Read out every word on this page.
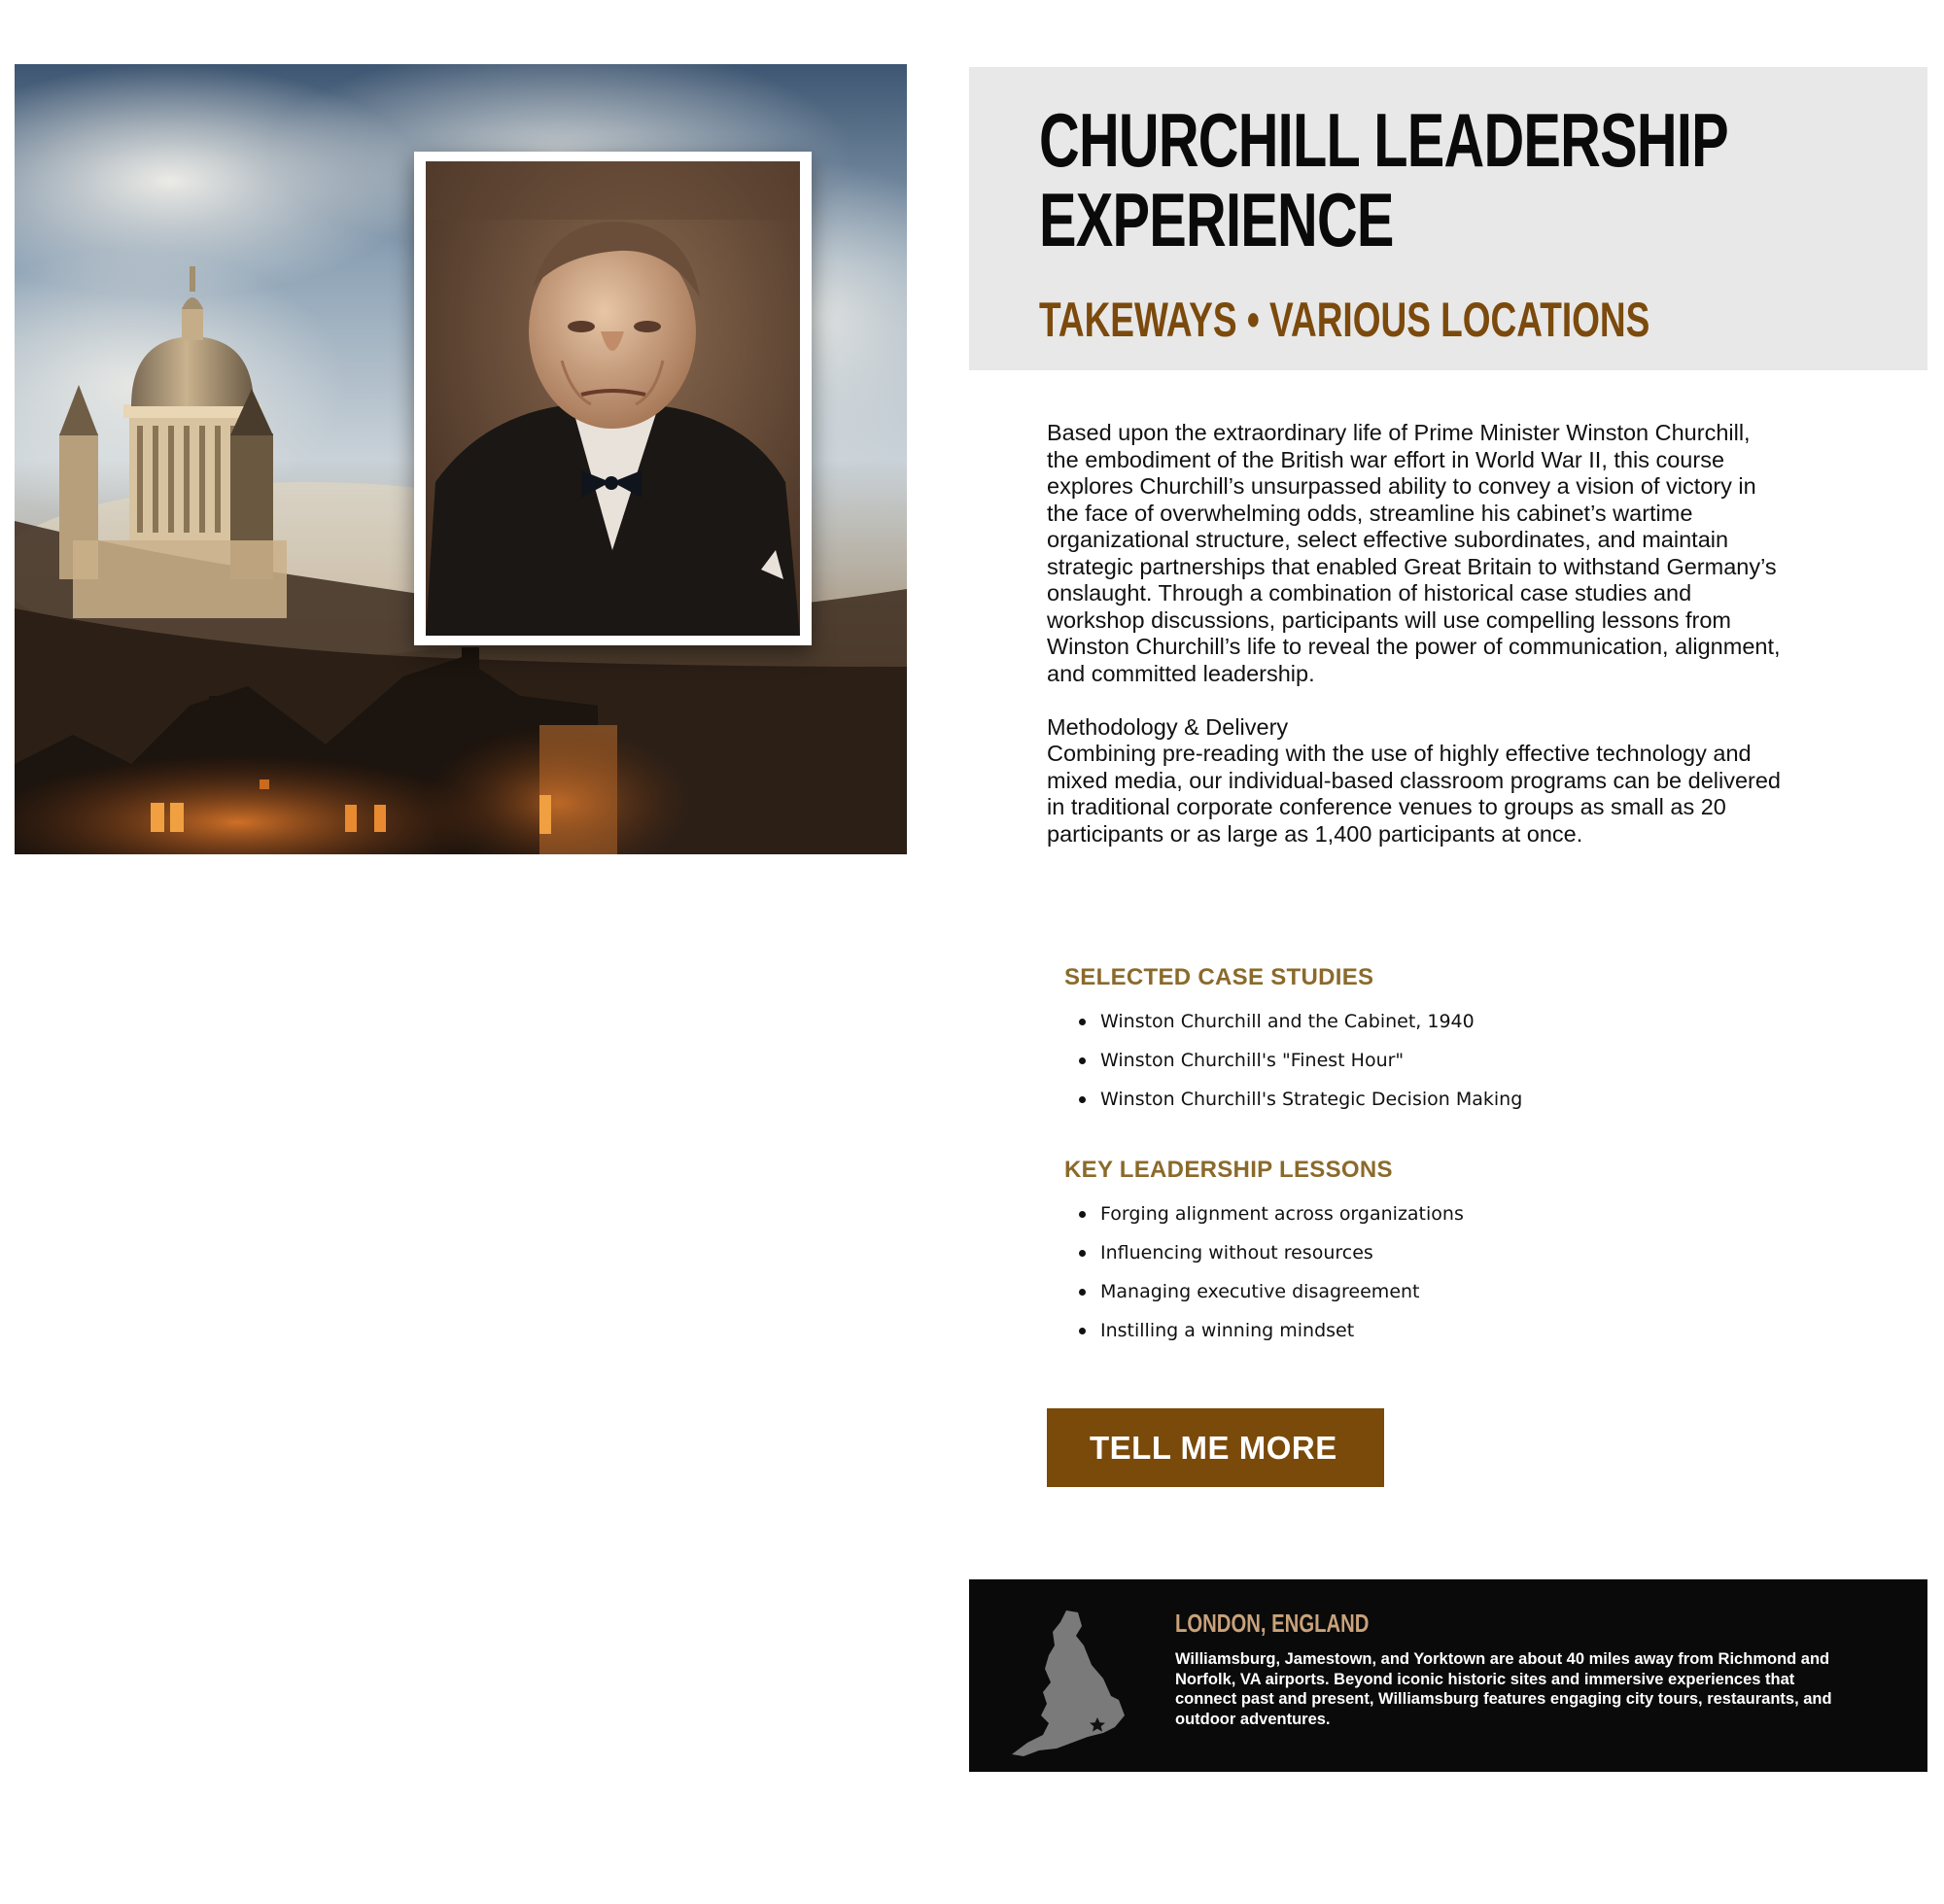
CHURCHILL LEADERSHIP EXPERIENCE
TAKEWAYS • VARIOUS LOCATIONS

Based upon the extraordinary life of Prime Minister Winston Churchill, the embodiment of the British war effort in World War II, this course explores Churchill’s unsurpassed ability to convey a vision of victory in the face of overwhelming odds, streamline his cabinet’s wartime organizational structure, select effective subordinates, and maintain strategic partnerships that enabled Great Britain to withstand Germany’s onslaught. Through a combination of historical case studies and workshop discussions, participants will use compelling lessons from Winston Churchill’s life to reveal the power of communication, alignment, and committed leadership.

Methodology & Delivery

Combining pre-reading with the use of highly effective technology and mixed media, our individual-based classroom programs can be delivered in traditional corporate conference venues to groups as small as 20 participants or as large as 1,400 participants at once.

SELECTED CASE STUDIES
Winston Churchill and the Cabinet, 1940
Winston Churchill's "Finest Hour"
Winston Churchill's Strategic Decision Making
KEY LEADERSHIP LESSONS
Forging alignment across organizations
Influencing without resources
Managing executive disagreement
Instilling a winning mindset
TELL ME MORE
LONDON, ENGLAND

Williamsburg, Jamestown, and Yorktown are about 40 miles away from Richmond and Norfolk, VA airports. Beyond iconic historic sites and immersive experiences that connect past and present, Williamsburg features engaging city tours, restaurants, and outdoor adventures.
